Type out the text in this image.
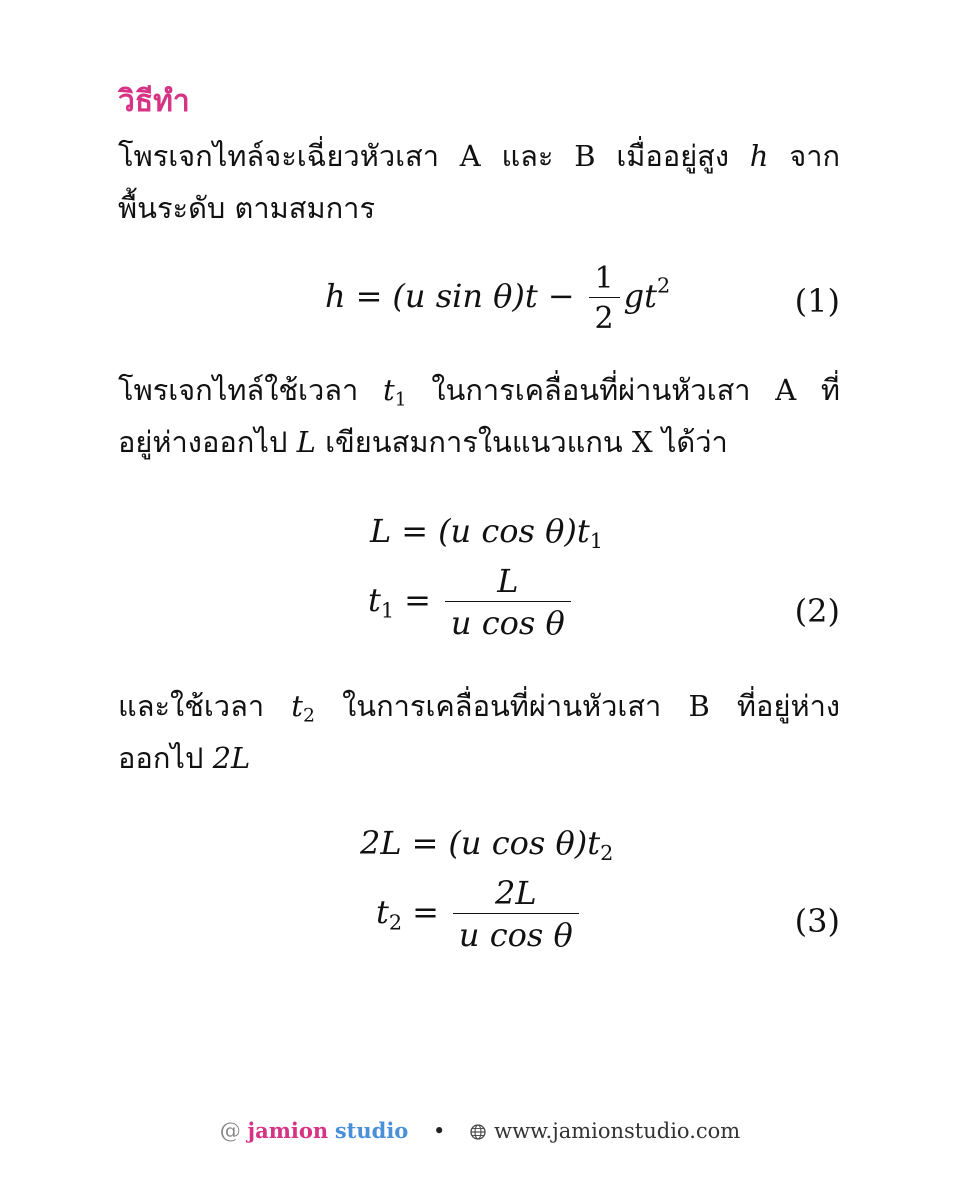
วิธีทำ
โพรเจกไทล์จะเฉี่ยวหัวเสา A และ B เมื่ออยู่สูง h จาก
พื้นระดับ ตามสมการ
h = (u $\sin \theta)t - \frac{1}{2} gt^2$	(1)
โพรเจกไทล์ใช้เวลา $t_1$ ในการเคลื่อนที่ผ่านหัวเสา A ที่
อยู่ห่างออกไป L เขียนสมการในแนวแกน X ได้ว่า
L = (u $\cos \theta)t_1$
$t_1 = \frac{L}{\text{u cos θ}}$	(2)
และใช้เวลา $t_2$ ในการเคลื่อนที่ผ่านหัวเสา B ที่อยู่ห่าง
ออกไป 2L
2L = (u $\cos \theta)t_2$
$t_2 = \frac{2L}{\text{u cos θ}}$	(3)
@ jamion studio • www.jamionstudio.com
